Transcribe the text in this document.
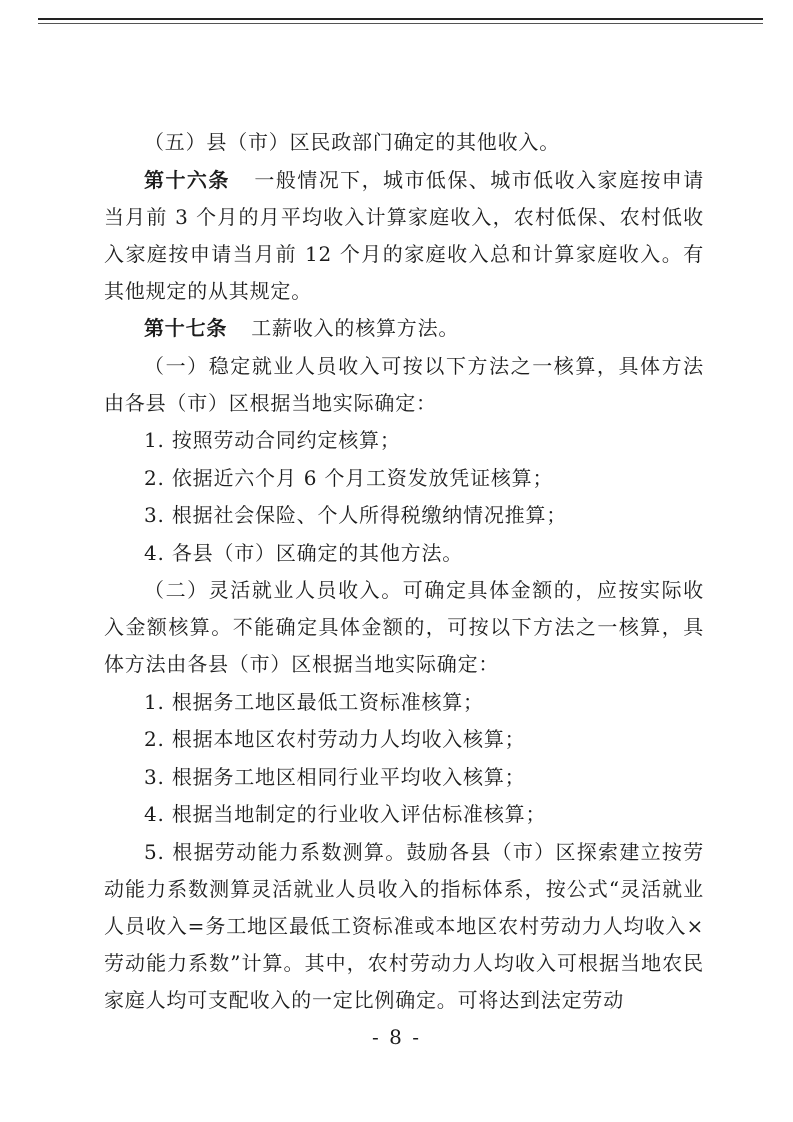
（五）县（市）区民政部门确定的其他收入。

第十六条 一般情况下，城市低保、城市低收入家庭按申请当月前 3 个月的月平均收入计算家庭收入，农村低保、农村低收入家庭按申请当月前 12 个月的家庭收入总和计算家庭收入。有其他规定的从其规定。

第十七条 工薪收入的核算方法。

（一）稳定就业人员收入可按以下方法之一核算，具体方法由各县（市）区根据当地实际确定：

1. 按照劳动合同约定核算；

2. 依据近六个月 6 个月工资发放凭证核算；

3. 根据社会保险、个人所得税缴纳情况推算；

4. 各县（市）区确定的其他方法。

（二）灵活就业人员收入。可确定具体金额的，应按实际收入金额核算。不能确定具体金额的，可按以下方法之一核算，具体方法由各县（市）区根据当地实际确定：

1. 根据务工地区最低工资标准核算；

2. 根据本地区农村劳动力人均收入核算；

3. 根据务工地区相同行业平均收入核算；

4. 根据当地制定的行业收入评估标准核算；

5. 根据劳动能力系数测算。鼓励各县（市）区探索建立按劳动能力系数测算灵活就业人员收入的指标体系，按公式“灵活就业人员收入=务工地区最低工资标准或本地区农村劳动力人均收入×劳动能力系数”计算。其中，农村劳动力人均收入可根据当地农民家庭人均可支配收入的一定比例确定。可将达到法定劳动

- 8 -
